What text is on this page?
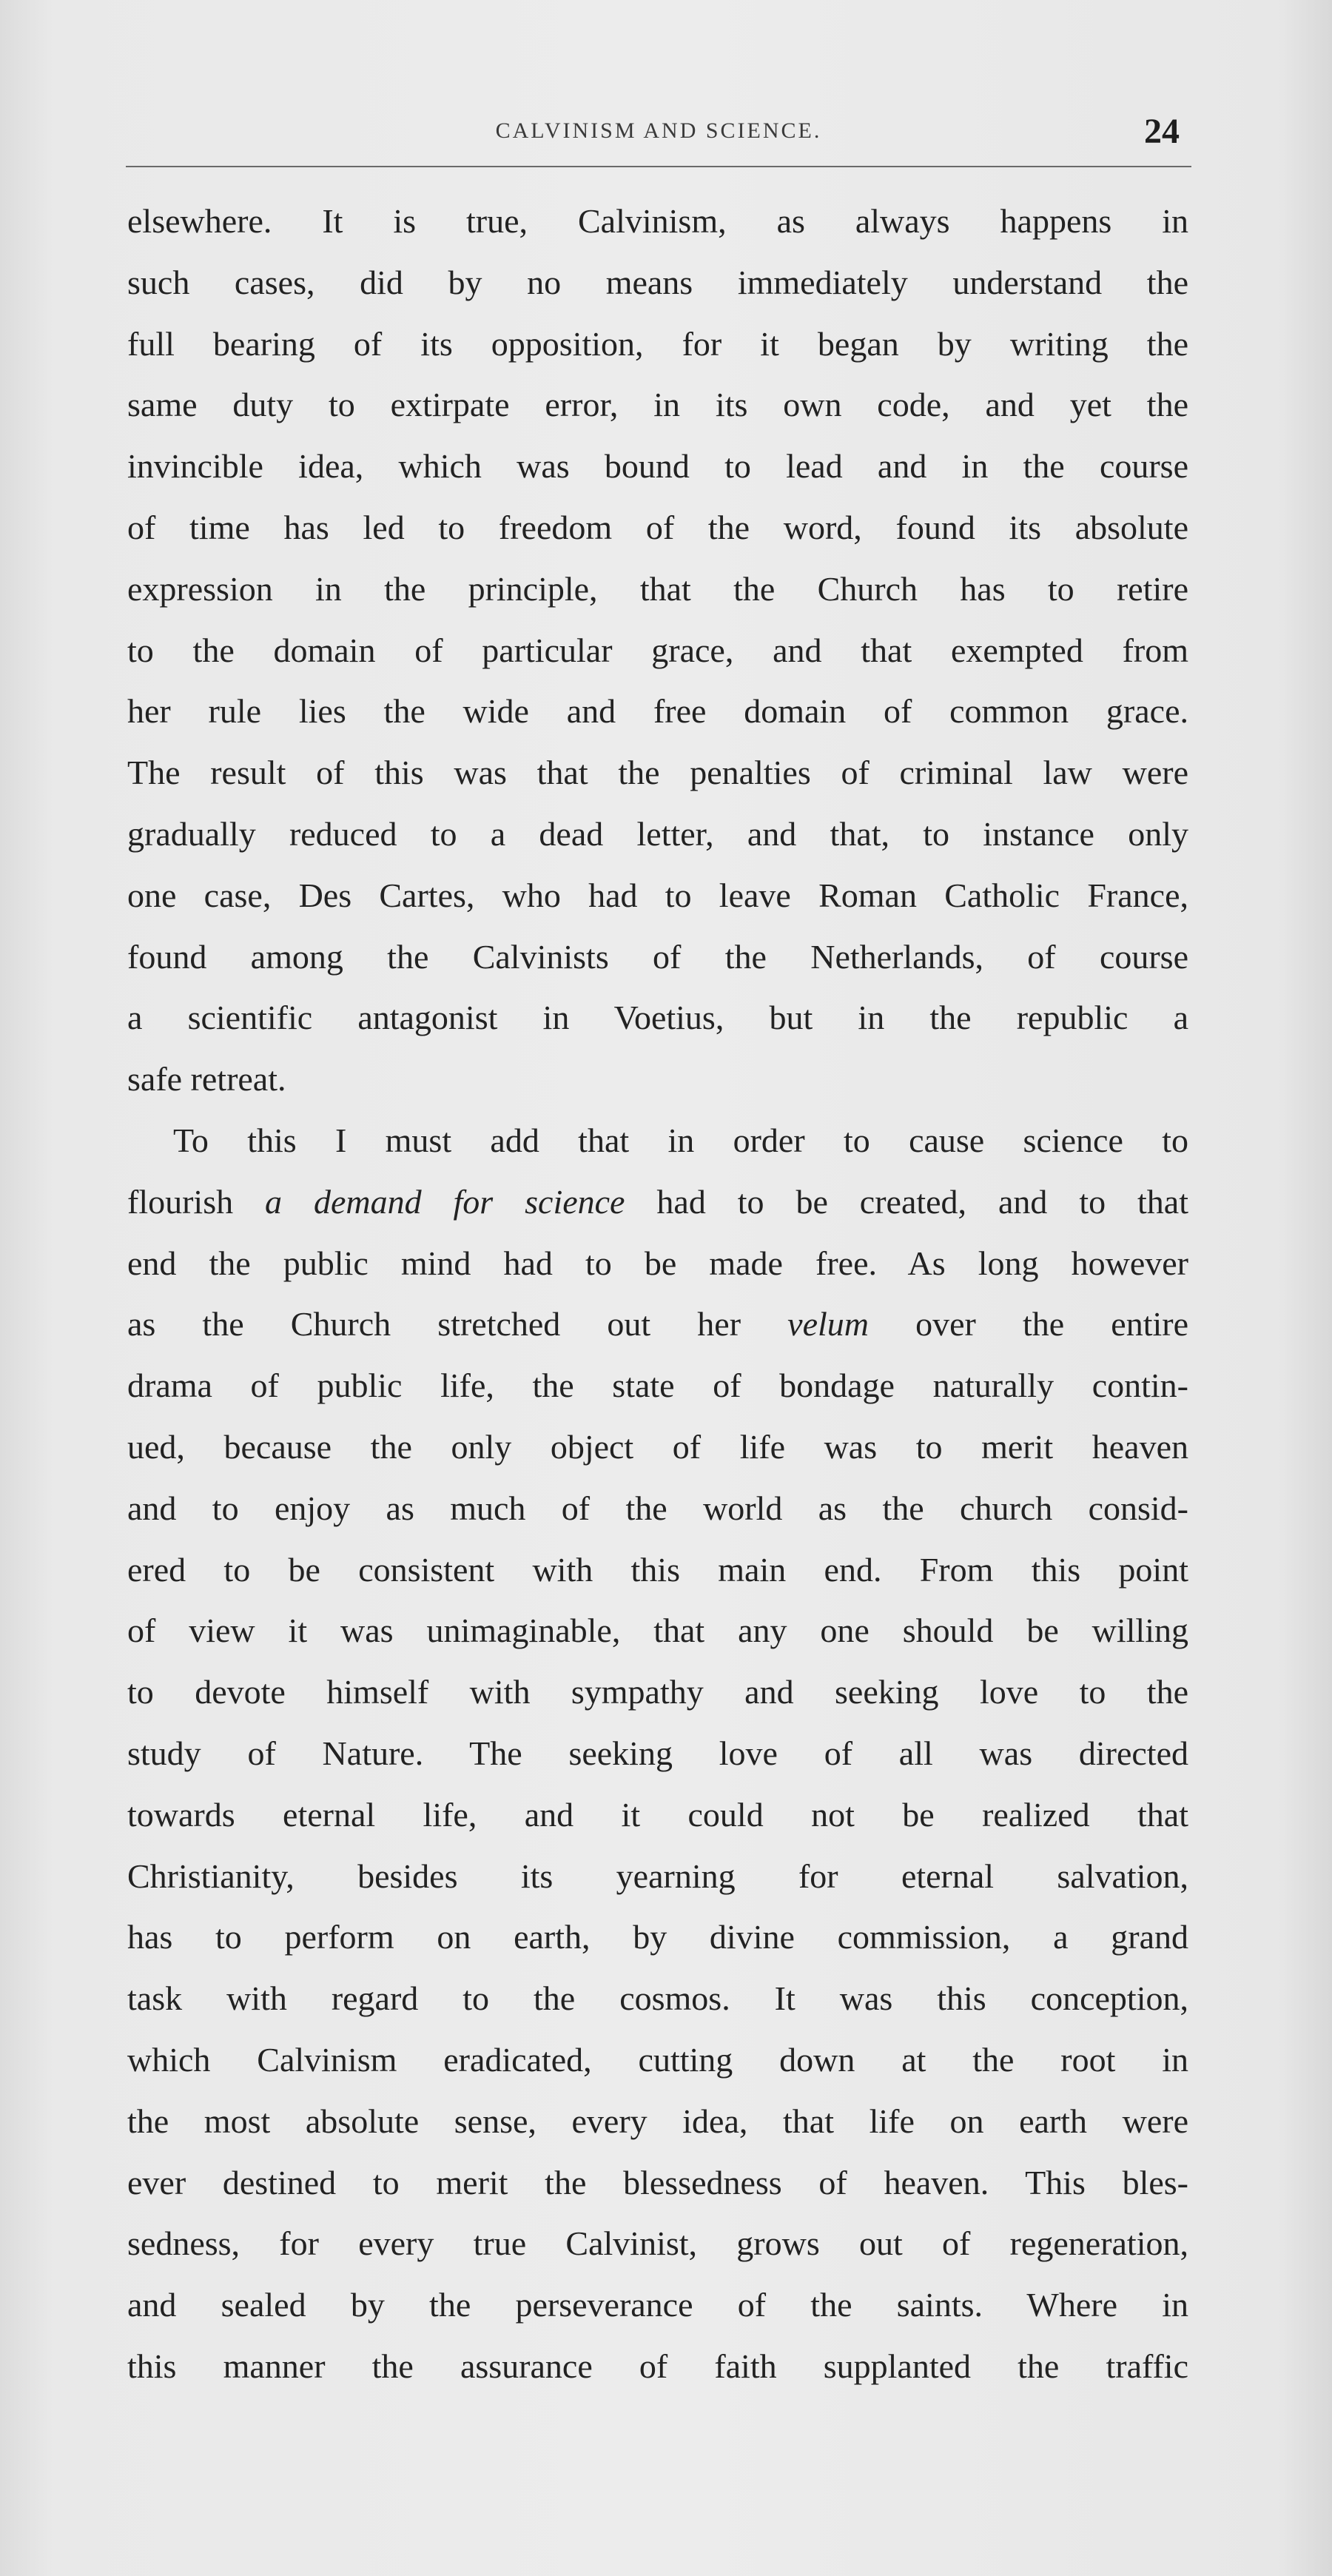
CALVINISM AND SCIENCE.	24
elsewhere. It is true, Calvinism, as always happens in
such cases, did by no means immediately understand the
full bearing of its opposition, for it began by writing the
same duty to extirpate error, in its own code, and yet the
invincible idea, which was bound to lead and in the course
of time has led to freedom of the word, found its absolute
expression in the principle, that the Church has to retire
to the domain of particular grace, and that exempted from
her rule lies the wide and free domain of common grace.
The result of this was that the penalties of criminal law were
gradually reduced to a dead letter, and that, to instance only
one case, Des Cartes, who had to leave Roman Catholic France,
found among the Calvinists of the Netherlands, of course
a scientific antagonist in Voetius, but in the republic a
safe retreat.
To this I must add that in order to cause science to
flourish a demand for science had to be created, and to that
end the public mind had to be made free. As long however
as the Church stretched out her velum over the entire
drama of public life, the state of bondage naturally contin-
ued, because the only object of life was to merit heaven
and to enjoy as much of the world as the church consid-
ered to be consistent with this main end. From this point
of view it was unimaginable, that any one should be willing
to devote himself with sympathy and seeking love to the
study of Nature. The seeking love of all was directed
towards eternal life, and it could not be realized that
Christianity, besides its yearning for eternal salvation,
has to perform on earth, by divine commission, a grand
task with regard to the cosmos. It was this conception,
which Calvinism eradicated, cutting down at the root in
the most absolute sense, every idea, that life on earth were
ever destined to merit the blessedness of heaven. This bles-
sedness, for every true Calvinist, grows out of regeneration,
and sealed by the perseverance of the saints. Where in
this manner the assurance of faith supplanted the traffic
